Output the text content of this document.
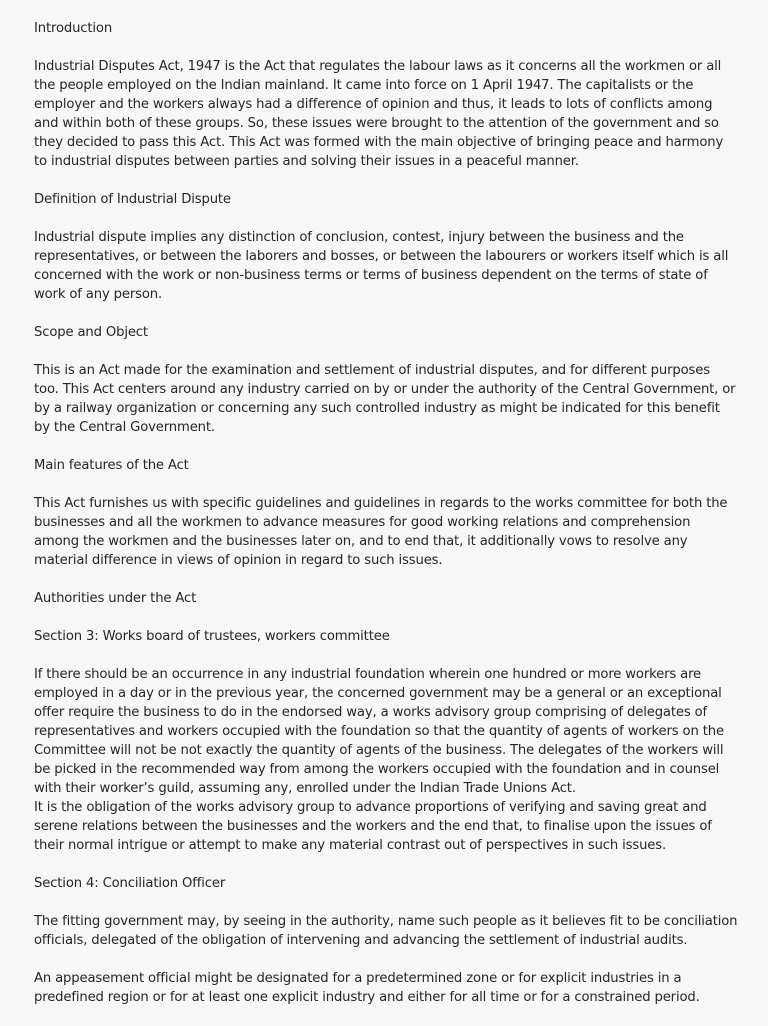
Introduction

Industrial Disputes Act, 1947 is the Act that regulates the labour laws as it concerns all the workmen or all the people employed on the Indian mainland. It came into force on 1 April 1947. The capitalists or the employer and the workers always had a difference of opinion and thus, it leads to lots of conflicts among and within both of these groups. So, these issues were brought to the attention of the government and so they decided to pass this Act. This Act was formed with the main objective of bringing peace and harmony to industrial disputes between parties and solving their issues in a peaceful manner.

Definition of Industrial Dispute

Industrial dispute implies any distinction of conclusion, contest, injury between the business and the representatives, or between the laborers and bosses, or between the labourers or workers itself which is all concerned with the work or non-business terms or terms of business dependent on the terms of state of work of any person.

Scope and Object

This is an Act made for the examination and settlement of industrial disputes, and for different purposes too. This Act centers around any industry carried on by or under the authority of the Central Government, or by a railway organization or concerning any such controlled industry as might be indicated for this benefit by the Central Government.

Main features of the Act

This Act furnishes us with specific guidelines and guidelines in regards to the works committee for both the businesses and all the workmen to advance measures for good working relations and comprehension among the workmen and the businesses later on, and to end that, it additionally vows to resolve any material difference in views of opinion in regard to such issues.

Authorities under the Act
Section 3: Works board of trustees, workers committee

If there should be an occurrence in any industrial foundation wherein one hundred or more workers are employed in a day or in the previous year, the concerned government may be a general or an exceptional offer require the business to do in the endorsed way, a works advisory group comprising of delegates of representatives and workers occupied with the foundation so that the quantity of agents of workers on the Committee will not be not exactly the quantity of agents of the business. The delegates of the workers will be picked in the recommended way from among the workers occupied with the foundation and in counsel with their worker’s guild, assuming any, enrolled under the Indian Trade Unions Act.

It is the obligation of the works advisory group to advance proportions of verifying and saving great and serene relations between the businesses and the workers and the end that, to finalise upon the issues of their normal intrigue or attempt to make any material contrast out of perspectives in such issues.

Section 4: Conciliation Officer

The fitting government may, by seeing in the authority, name such people as it believes fit to be conciliation officials, delegated of the obligation of intervening and advancing the settlement of industrial audits.

An appeasement official might be designated for a predetermined zone or for explicit industries in a predefined region or for at least one explicit industry and either for all time or for a constrained period.
